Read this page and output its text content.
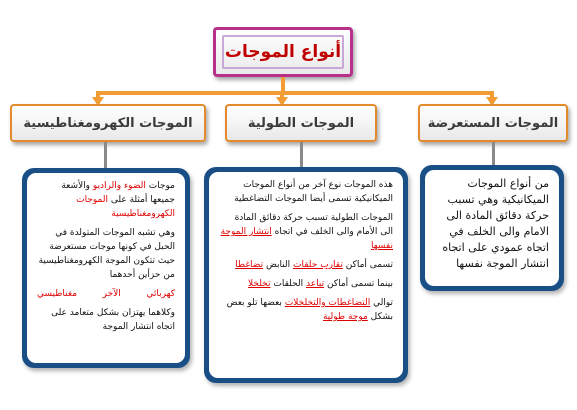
أنواع الموجات
الموجات الكهرومغناطيسية	الموجات الطولية	الموجات المستعرضة

موجات الضوء والراديو والأشعة جميعها أمثلة على الموجات الكهرومغناطيسية

وهي تشبه الموجات المتولدة في الحبل في كونها موجات مستعرضة حيث تتكون الموجة الكهرومغناطيسية من حزأين أحدهما

كهربائي
الآخر
مغناطيسي

وكلاهما يهتزان بشكل متعامد على اتجاه انتشار الموجة

هذه الموجات نوع آخر من أنواع الموجات الميكانيكية تسمى أيضا الموجات التضاغطية

الموجات الطولية تسبب حركة دقائق المادة الى الأمام والى الخلف في اتجاه انتشار الموجة نفسها

تسمى أماكن تقارب حلقات النابض تضاغطا

بينما تسمى أماكن تباعد الحلقات تخلخلا

توالي التضاغطات والتخلخلات بعضها تلو بعض بشكل موجة طولية

من أنواع الموجات الميكانيكية وهي تسبب حركة دقائق المادة الى الامام والى الخلف في اتجاه عمودي على اتجاه انتشار الموجة نفسها
